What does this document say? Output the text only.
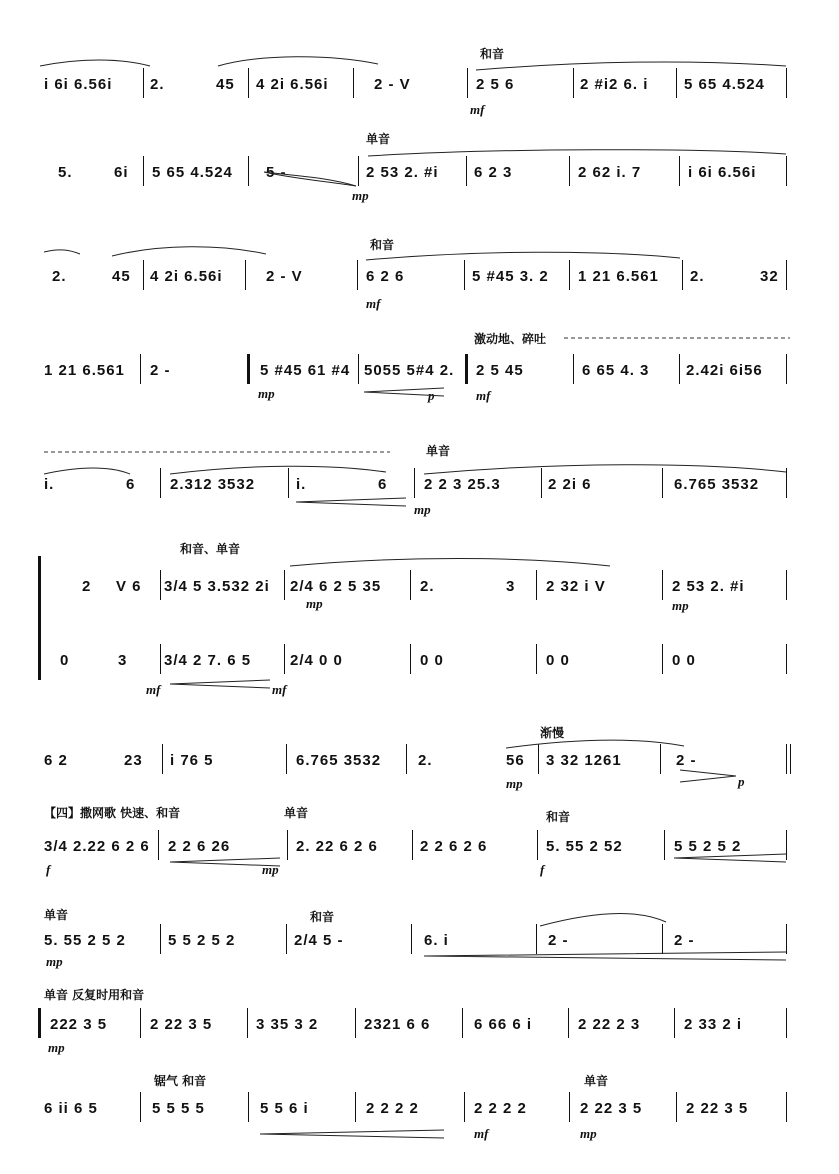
和音
i 6i 6.56i	2.	45 4 2i 6.56i	2 - V	2 5 6	2 #i2 6. i 5 65 4.524
mf
单音
5.	6i 5 65 4.524 5 -	2 53 2. #i 6 2 3	2 62 i. 7	i 6i 6.56i
mp
和音
2.	45 4 2i 6.56i	2 - V	6 2 6	5 #45 3. 2 1 21 6.561 2.	32
mf
激动地、碎吐
1 21 6.561 2 -	5 #45 61 #4 5055 5#4 2. 2 5 45	6 65 4. 3 2.42i 6i56
mp	p	mf
单音
i.	6 2.312 3532	i.	6 2 2 3 25.3	2 2i 6	6.765 3532
mp
和音、单音
2 V 6 3/4 5 3.532 2i 2/4 6 2 5 35	2.	3 2 32 i V	2 53 2. #i
mp	mp
0	3 3/4 2 7. 6 5	2/4 0 0	0 0	0 0	0 0
mf	mf
渐慢
6 2	23 i 76 5	6.765 3532 2.	56 3 32 1261	2 -
mp	p
【四】撒网歌 快速、和音	单音	和音
3/4 2.22 6 2 6 2 2 6 26	2. 22 6 2 6	2 2 6 2 6	5. 55 2 52	5 5 2 5 2
f	mp	f
单音	和音
5. 55 2 5 2	5 5 2 5 2	2/4 5 -	6. i	2 -	2 -
mp
单音 反复时用和音
222 3 5	2 22 3 5	3 35 3 2	2321 6 6	6 66 6 i	2 22 2 3	2 33 2 i
mp
锯气 和音	单音
6 ii 6 5	5 5 5 5	5 5 6 i	2 2 2 2	2 2 2 2	2 22 3 5	2 22 3 5
mf	mp
